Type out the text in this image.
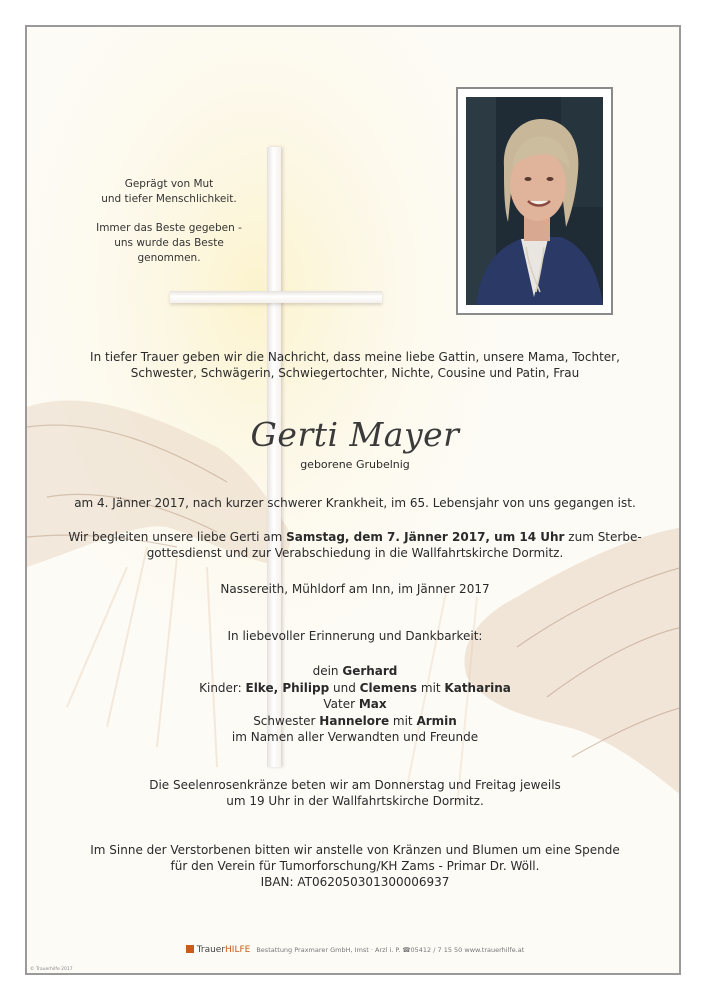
Geprägt von Mut
und tiefer Menschlichkeit.

Immer das Beste gegeben -
uns wurde das Beste
genommen.

In tiefer Trauer geben wir die Nachricht, dass meine liebe Gattin, unsere Mama, Tochter,
Schwester, Schwägerin, Schwiegertochter, Nichte, Cousine und Patin, Frau
Gerti Mayer
geborene Grubelnig
am 4. Jänner 2017, nach kurzer schwerer Krankheit, im 65. Lebensjahr von uns gegangen ist.
Wir begleiten unsere liebe Gerti am Samstag, dem 7. Jänner 2017, um 14 Uhr zum Sterbe-
gottesdienst und zur Verabschiedung in die Wallfahrtskirche Dormitz.
Nassereith, Mühldorf am Inn, im Jänner 2017
In liebevoller Erinnerung und Dankbarkeit:
dein Gerhard
Kinder: Elke, Philipp und Clemens mit Katharina
Vater Max
Schwester Hannelore mit Armin
im Namen aller Verwandten und Freunde
Die Seelenrosenkränze beten wir am Donnerstag und Freitag jeweils
um 19 Uhr in der Wallfahrtskirche Dormitz.
Im Sinne der Verstorbenen bitten wir anstelle von Kränzen und Blumen um eine Spende
für den Verein für Tumorforschung/KH Zams - Primar Dr. Wöll.
IBAN: AT062050301300006937
TrauerHILFE Bestattung Praxmarer GmbH, Imst · Arzl i. P. ☎05412 / 7 15 50 www.trauerhilfe.at
© Trauerhilfe 2017
